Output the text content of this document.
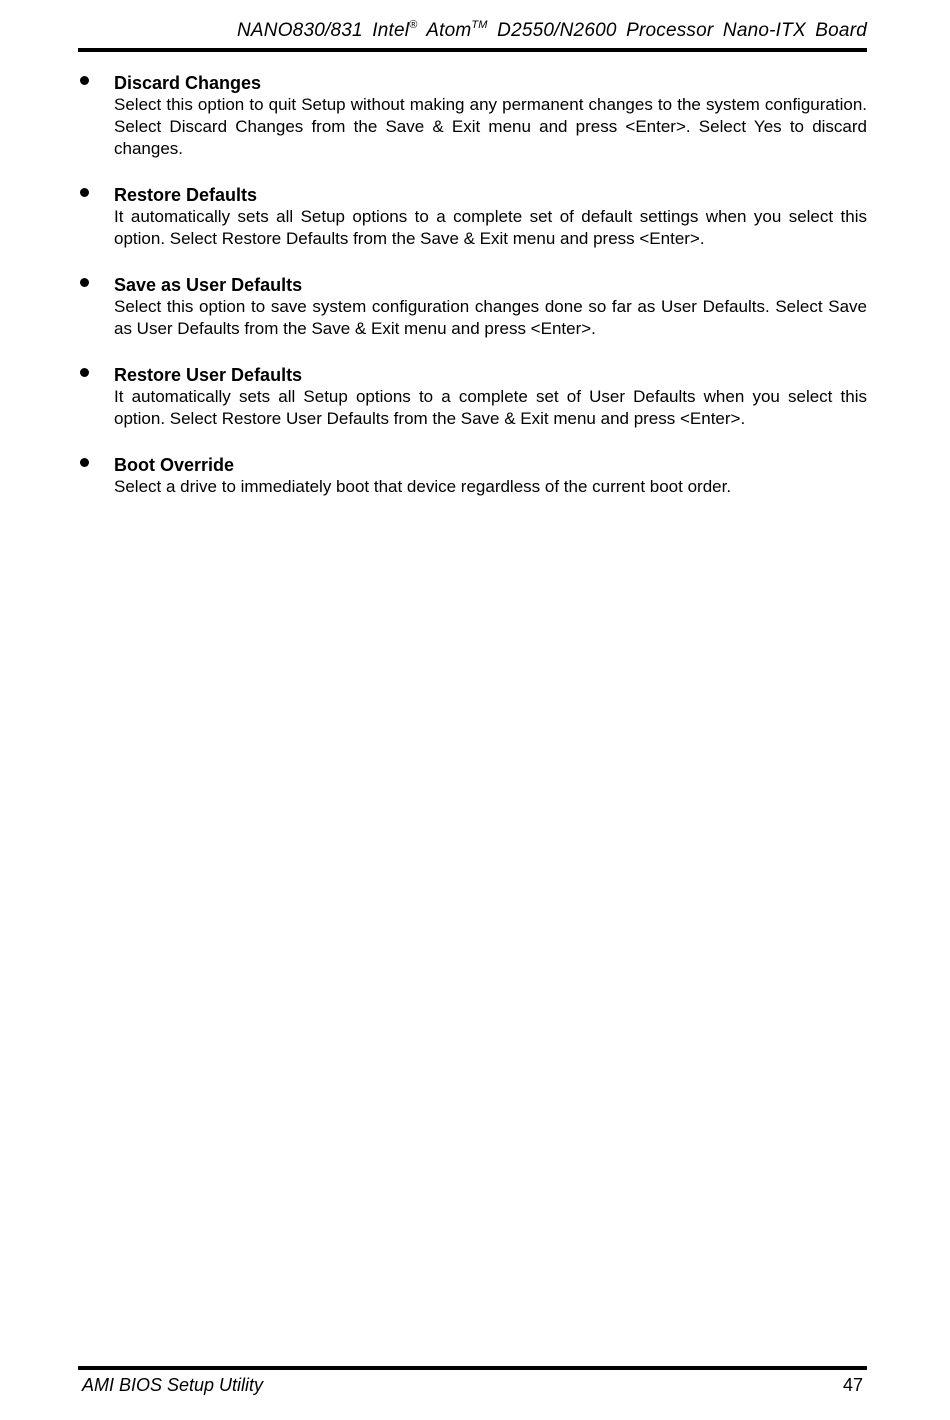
NANO830/831 Intel® Atom™ D2550/N2600 Processor Nano-ITX Board
Discard Changes
Select this option to quit Setup without making any permanent changes to the system configuration. Select Discard Changes from the Save & Exit menu and press <Enter>. Select Yes to discard changes.
Restore Defaults
It automatically sets all Setup options to a complete set of default settings when you select this option. Select Restore Defaults from the Save & Exit menu and press <Enter>.
Save as User Defaults
Select this option to save system configuration changes done so far as User Defaults. Select Save as User Defaults from the Save & Exit menu and press <Enter>.
Restore User Defaults
It automatically sets all Setup options to a complete set of User Defaults when you select this option. Select Restore User Defaults from the Save & Exit menu and press <Enter>.
Boot Override
Select a drive to immediately boot that device regardless of the current boot order.
AMI BIOS Setup Utility	47
